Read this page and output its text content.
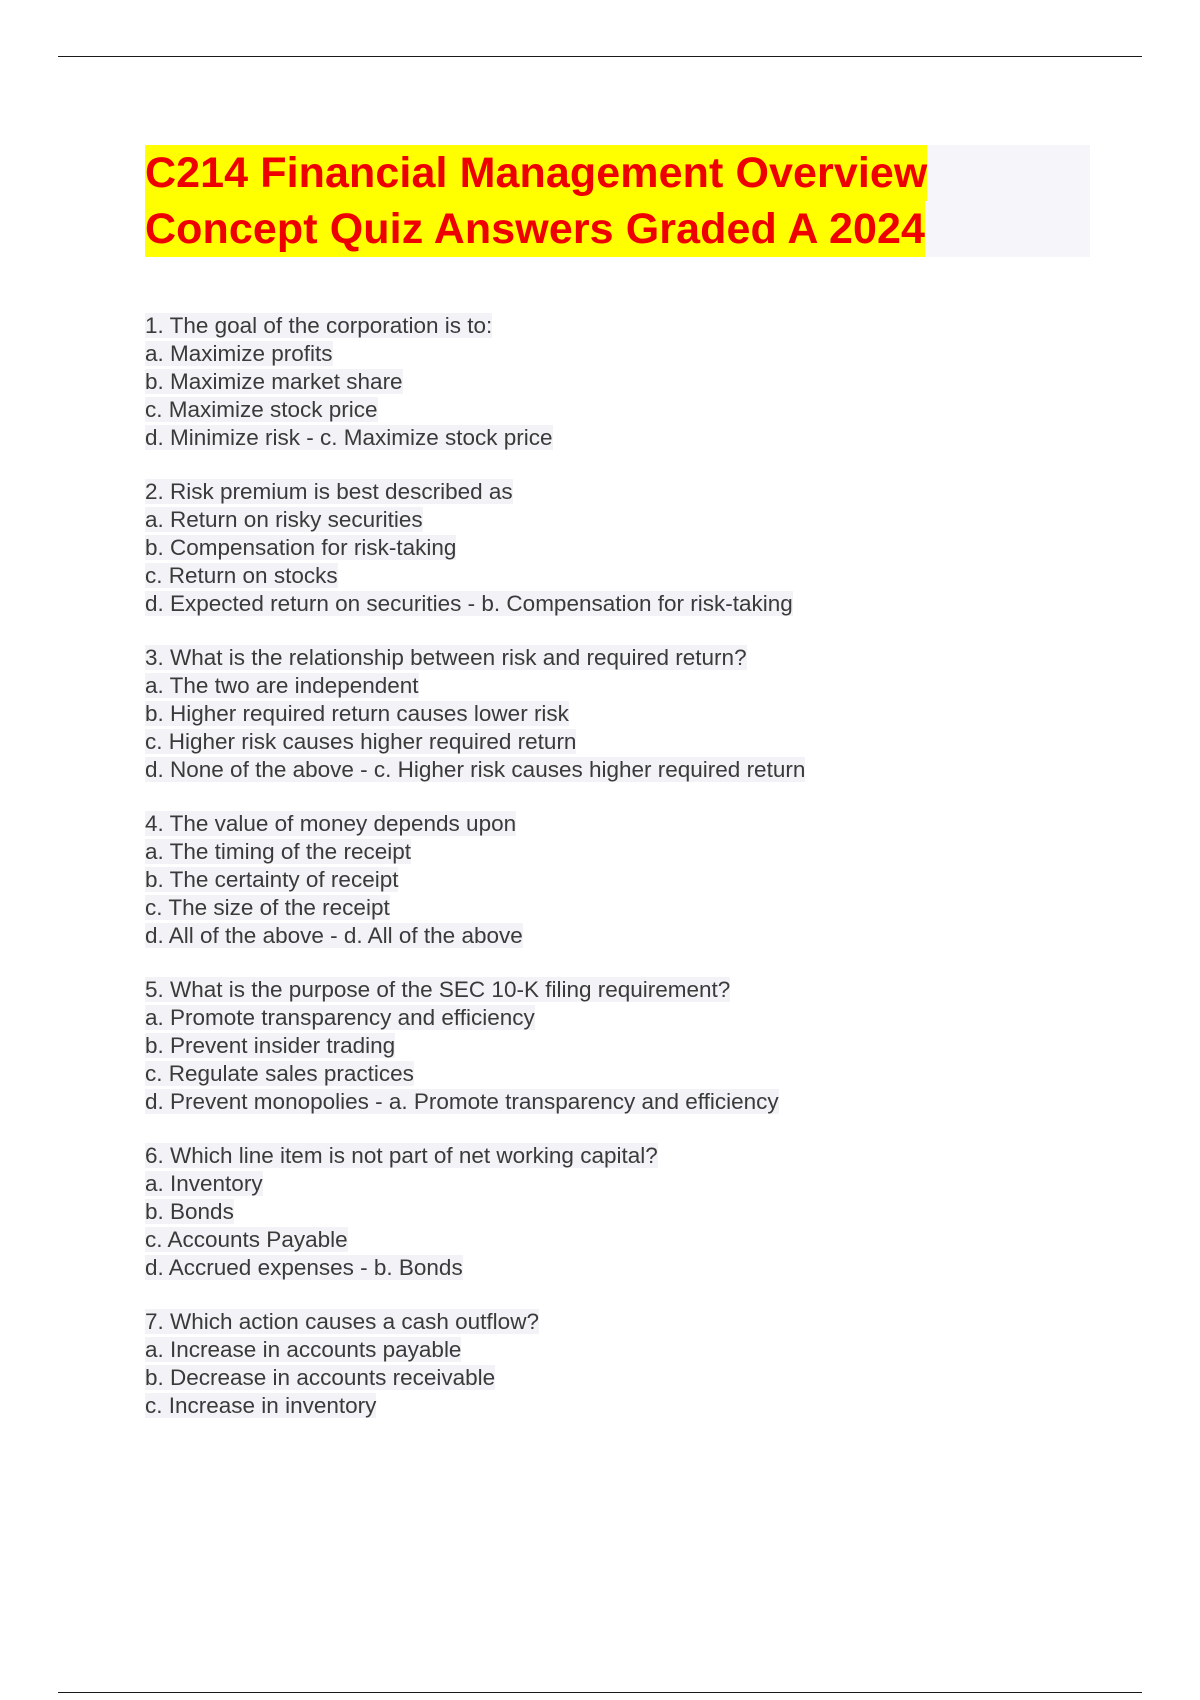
C214 Financial Management Overview
Concept Quiz Answers Graded A 2024
1. The goal of the corporation is to:
a. Maximize profits
b. Maximize market share
c. Maximize stock price
d. Minimize risk - c. Maximize stock price
2. Risk premium is best described as
a. Return on risky securities
b. Compensation for risk-taking
c. Return on stocks
d. Expected return on securities - b. Compensation for risk-taking
3. What is the relationship between risk and required return?
a. The two are independent
b. Higher required return causes lower risk
c. Higher risk causes higher required return
d. None of the above - c. Higher risk causes higher required return
4. The value of money depends upon
a. The timing of the receipt
b. The certainty of receipt
c. The size of the receipt
d. All of the above - d. All of the above
5. What is the purpose of the SEC 10-K filing requirement?
a. Promote transparency and efficiency
b. Prevent insider trading
c. Regulate sales practices
d. Prevent monopolies - a. Promote transparency and efficiency
6. Which line item is not part of net working capital?
a. Inventory
b. Bonds
c. Accounts Payable
d. Accrued expenses - b. Bonds
7. Which action causes a cash outflow?
a. Increase in accounts payable
b. Decrease in accounts receivable
c. Increase in inventory
